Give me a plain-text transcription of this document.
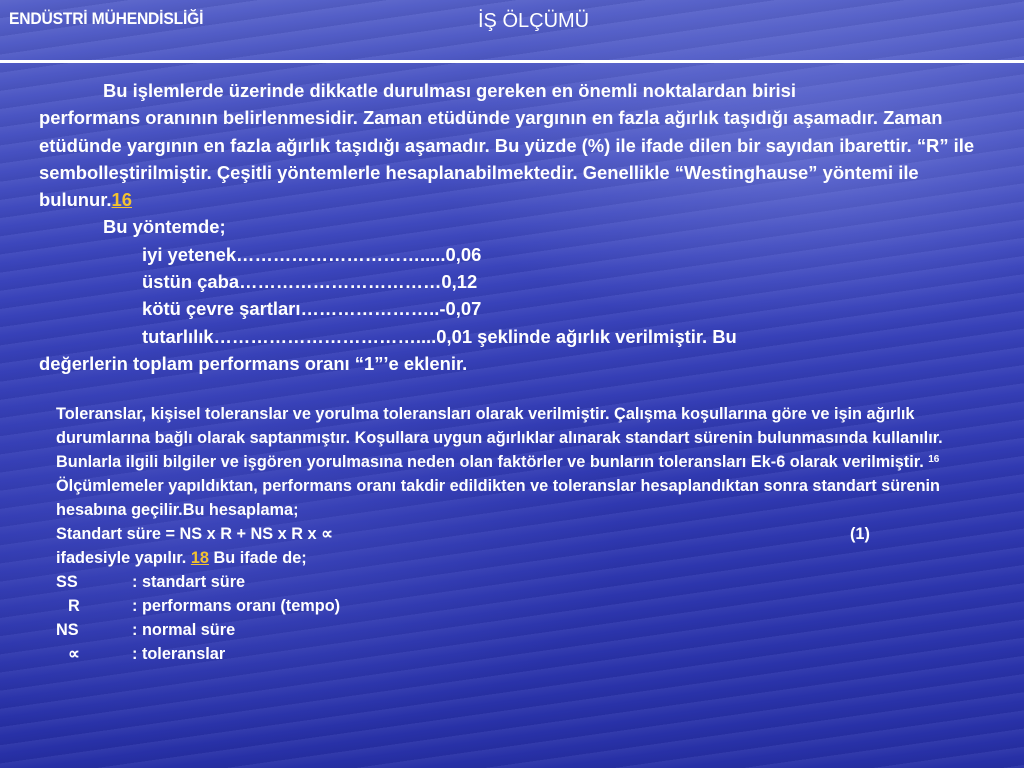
ENDÜSTRİ MÜHENDİSLİĞİ	İŞ ÖLÇÜMÜ

Bu işlemlerde üzerinde dikkatle durulması gereken en önemli noktalardan birisi

performans oranının belirlenmesidir. Zaman etüdünde yargının en fazla ağırlık taşıdığı aşamadır. Zaman etüdünde yargının en fazla ağırlık taşıdığı aşamadır. Bu yüzde (%) ile ifade dilen bir sayıdan ibarettir. “R” ile sembolleştirilmiştir. Çeşitli yöntemlerle hesaplanabilmektedir. Genellikle “Westinghause” yöntemi ile bulunur.16

Bu yöntemde;

iyi yetenek………………………….....0,06

üstün çaba……………………………0,12

kötü çevre şartları…………………..-0,07

tutarlılık……………………………....0,01 şeklinde ağırlık verilmiştir. Bu

değerlerin toplam performans oranı “1”’e eklenir.

Toleranslar, kişisel toleranslar ve yorulma toleransları olarak verilmiştir. Çalışma koşullarına göre ve işin ağırlık durumlarına bağlı olarak saptanmıştır. Koşullara uygun ağırlıklar alınarak standart sürenin bulunmasında kullanılır. Bunlarla ilgili bilgiler ve işgören yorulmasına neden olan faktörler ve bunların toleransları Ek-6 olarak verilmiştir. $^{16}$

Ölçümlemeler yapıldıktan, performans oranı takdir edildikten ve toleranslar hesaplandıktan sonra standart sürenin hesabına geçilir.Bu hesaplama;

Standart süre = NS x R + NS x R x ∝	(1)

ifadesiyle yapılır. 18 Bu ifade de;

SS	: standart süre
R	: performans oranı (tempo)
NS	: normal süre
∝	: toleranslar
